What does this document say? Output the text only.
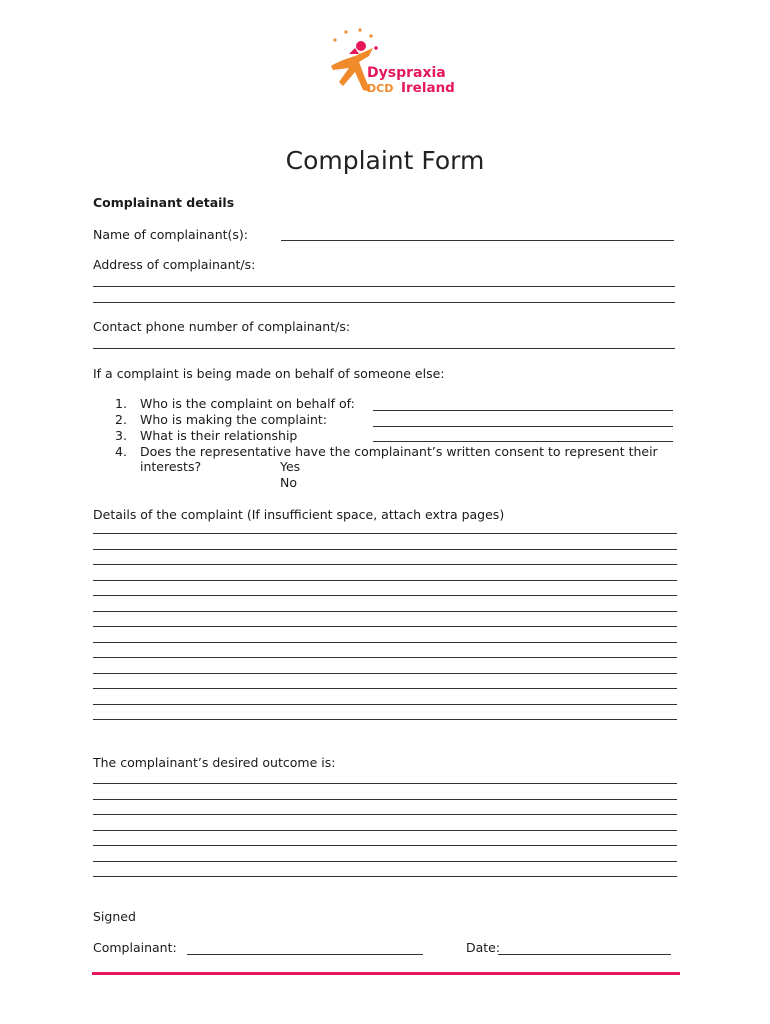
Dyspraxia
DCD Ireland
Complaint Form
Complainant details
Name of complainant(s):
Address of complainant/s:
Contact phone number of complainant/s:
If a complaint is being made on behalf of someone else:
1. Who is the complaint on behalf of:
2. Who is making the complaint:
3. What is their relationship
4. Does the representative have the complainant’s written consent to represent their
interests?	Yes
No
Details of the complaint (If insufficient space, attach extra pages)
The complainant’s desired outcome is:
Signed
Complainant:	Date:
